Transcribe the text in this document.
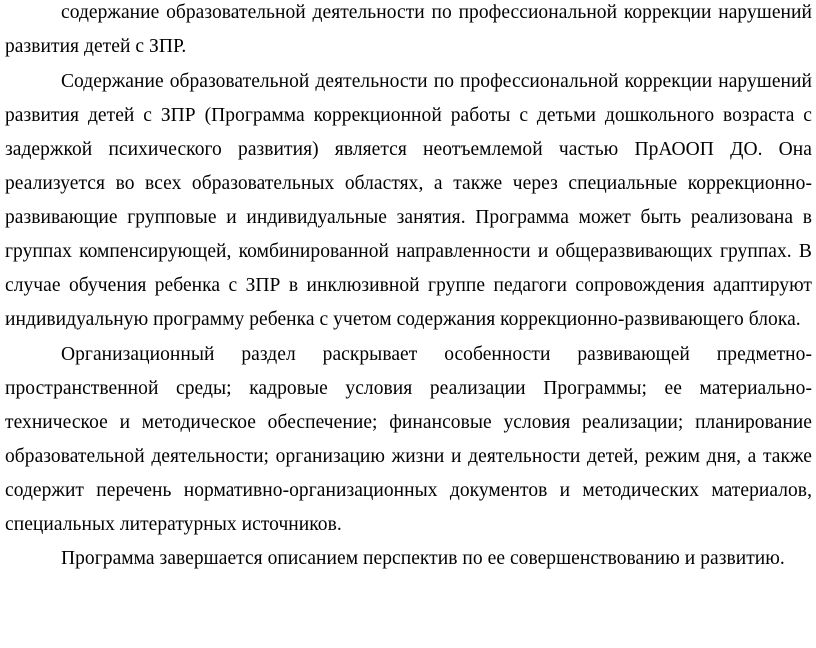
содержание образовательной деятельности по профессиональной коррекции нарушений
развития детей с ЗПР.
Содержание образовательной деятельности по профессиональной коррекции нарушений
развития детей с ЗПР (Программа коррекционной работы с детьми дошкольного возраста с
задержкой психического развития) является неотъемлемой частью ПрАООП ДО. Она
реализуется во всех образовательных областях, а также через специальные коррекционно-
развивающие групповые и индивидуальные занятия. Программа может быть реализована в
группах компенсирующей, комбинированной направленности и общеразвивающих группах. В
случае обучения ребенка с ЗПР в инклюзивной группе педагоги сопровождения адаптируют
индивидуальную программу ребенка с учетом содержания коррекционно-развивающего блока.
Организационный раздел раскрывает особенности развивающей предметно-
пространственной среды; кадровые условия реализации Программы; ее материально-
техническое и методическое обеспечение; финансовые условия реализации; планирование
образовательной деятельности; организацию жизни и деятельности детей, режим дня, а также
содержит перечень нормативно-организационных документов и методических материалов,
специальных литературных источников.
Программа завершается описанием перспектив по ее совершенствованию и развитию.
